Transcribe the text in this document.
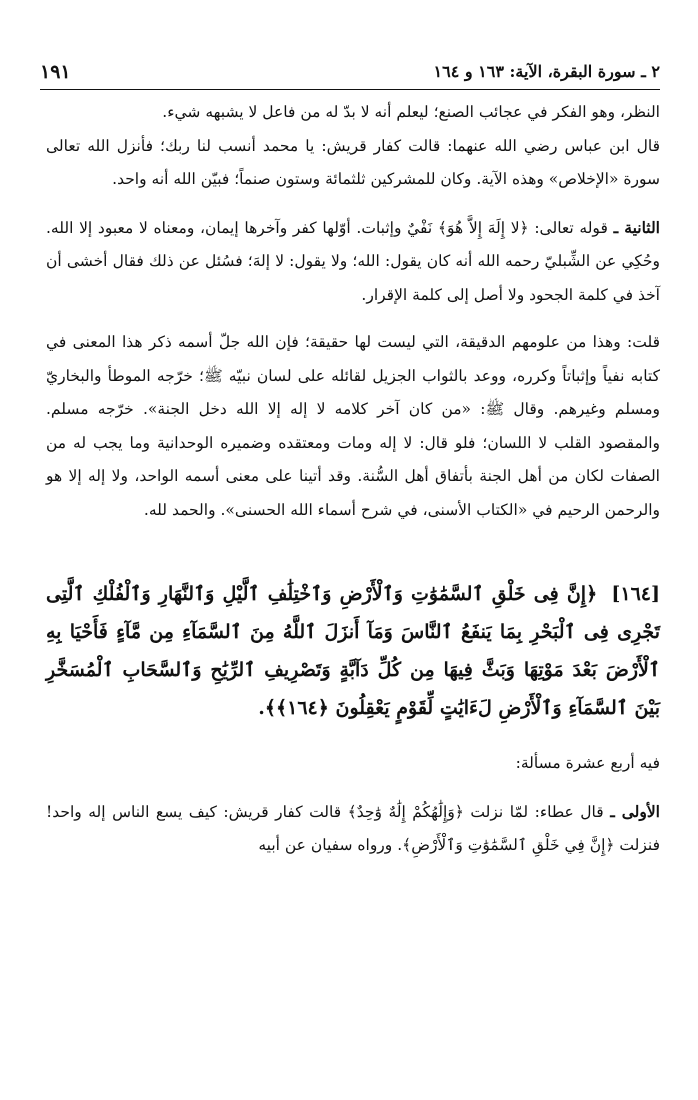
٢ ـ سورة البقرة، الآية: ١٦٣ و ١٦٤
١٩١

النظر، وهو الفكر في عجائب الصنع؛ ليعلم أنه لا بدّ له من فاعل لا يشبهه شيء.

قال ابن عباس رضي الله عنهما: قالت كفار قريش: يا محمد أنسب لنا ربك؛ فأنزل الله تعالى سورة «الإخلاص» وهذه الآية. وكان للمشركين ثلثمائة وستون صنماً؛ فبيّن الله أنه واحد.

الثانية ـ قوله تعالى: ﴿لا إِلَهَ إِلاَّ هُوَ﴾ نَفْيٌ وإثبات. أوّلها كفر وآخرها إيمان، ومعناه لا معبود إلا الله. وحُكِي عن الشِّبليّ رحمه الله أنه كان يقول: الله؛ ولا يقول: لا إلهَ؛ فسُئل عن ذلك فقال أخشى أن آخذ في كلمة الجحود ولا أصل إلى كلمة الإقرار.

قلت: وهذا من علومهم الدقيقة، التي ليست لها حقيقة؛ فإن الله جلّ أسمه ذكر هذا المعنى في كتابه نفياً وإثباتاً وكرره، ووعد بالثواب الجزيل لقائله على لسان نبيّه ﷺ؛ خرّجه الموطأ والبخاريّ ومسلم وغيرهم. وقال ﷺ: «من كان آخر كلامه لا إله إلا الله دخل الجنة». خرّجه مسلم. والمقصود القلب لا اللسان؛ فلو قال: لا إله ومات ومعتقده وضميره الوحدانية وما يجب له من الصفات لكان من أهل الجنة بأتفاق أهل السُّنة. وقد أتينا على معنى أسمه الواحد، ولا إله إلا هو والرحمن الرحيم في «الكتاب الأسنى، في شرح أسماء الله الحسنى». والحمد لله.

[١٦٤] ﴿إِنَّ فِى خَلْقِ ٱلسَّمَٰوَٰتِ وَٱلْأَرْضِ وَٱخْتِلَٰفِ ٱلَّيْلِ وَٱلنَّهَارِ وَٱلْفُلْكِ ٱلَّتِى تَجْرِى فِى ٱلْبَحْرِ بِمَا يَنفَعُ ٱلنَّاسَ وَمَآ أَنزَلَ ٱللَّهُ مِنَ ٱلسَّمَآءِ مِن مَّآءٍ فَأَحْيَا بِهِ ٱلْأَرْضَ بَعْدَ مَوْتِهَا وَبَثَّ فِيهَا مِن كُلِّ دَآبَّةٍ وَتَصْرِيفِ ٱلرِّيَٰحِ وَٱلسَّحَابِ ٱلْمُسَخَّرِ بَيْنَ ٱلسَّمَآءِ وَٱلْأَرْضِ لَءَايَٰتٍ لِّقَوْمٍ يَعْقِلُونَ ﴿١٦٤﴾﴾.

فيه أربع عشرة مسألة:

الأولى ـ قال عطاء: لمّا نزلت ﴿وَإِلَٰهُكُمْ إِلَٰهٌ وَٰحِدٌ﴾ قالت كفار قريش: كيف يسع الناس إله واحد! فنزلت ﴿إِنَّ فِي خَلْقِ ٱلسَّمَٰوَٰتِ وَٱلْأَرْضِ﴾. ورواه سفيان عن أبيه
